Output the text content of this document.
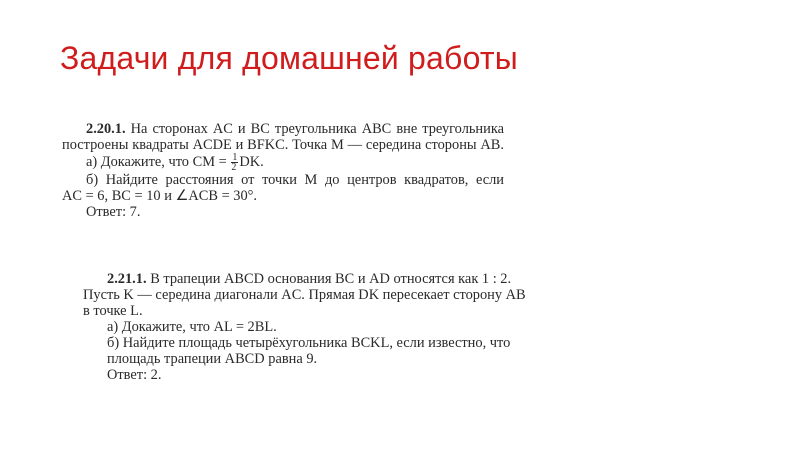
Задачи для домашней работы
2.20.1. На сторонах AC и BC треугольника ABC вне треугольника
построены квадраты ACDE и BFKC. Точка M — середина стороны AB.
а) Докажите, что CM = $\frac{1}{2}$ DK.
б) Найдите расстояния от точки M до центров квадратов, если
AC = 6, BC = 10 и ∠ACB = 30°.
Ответ: 7.
2.21.1. В трапеции ABCD основания BC и AD относятся как 1 : 2.
Пусть K — середина диагонали AC. Прямая DK пересекает сторону AB
в точке L.
а) Докажите, что AL = 2BL.
б) Найдите площадь четырёхугольника BCKL, если известно, что
площадь трапеции ABCD равна 9.
Ответ: 2.
